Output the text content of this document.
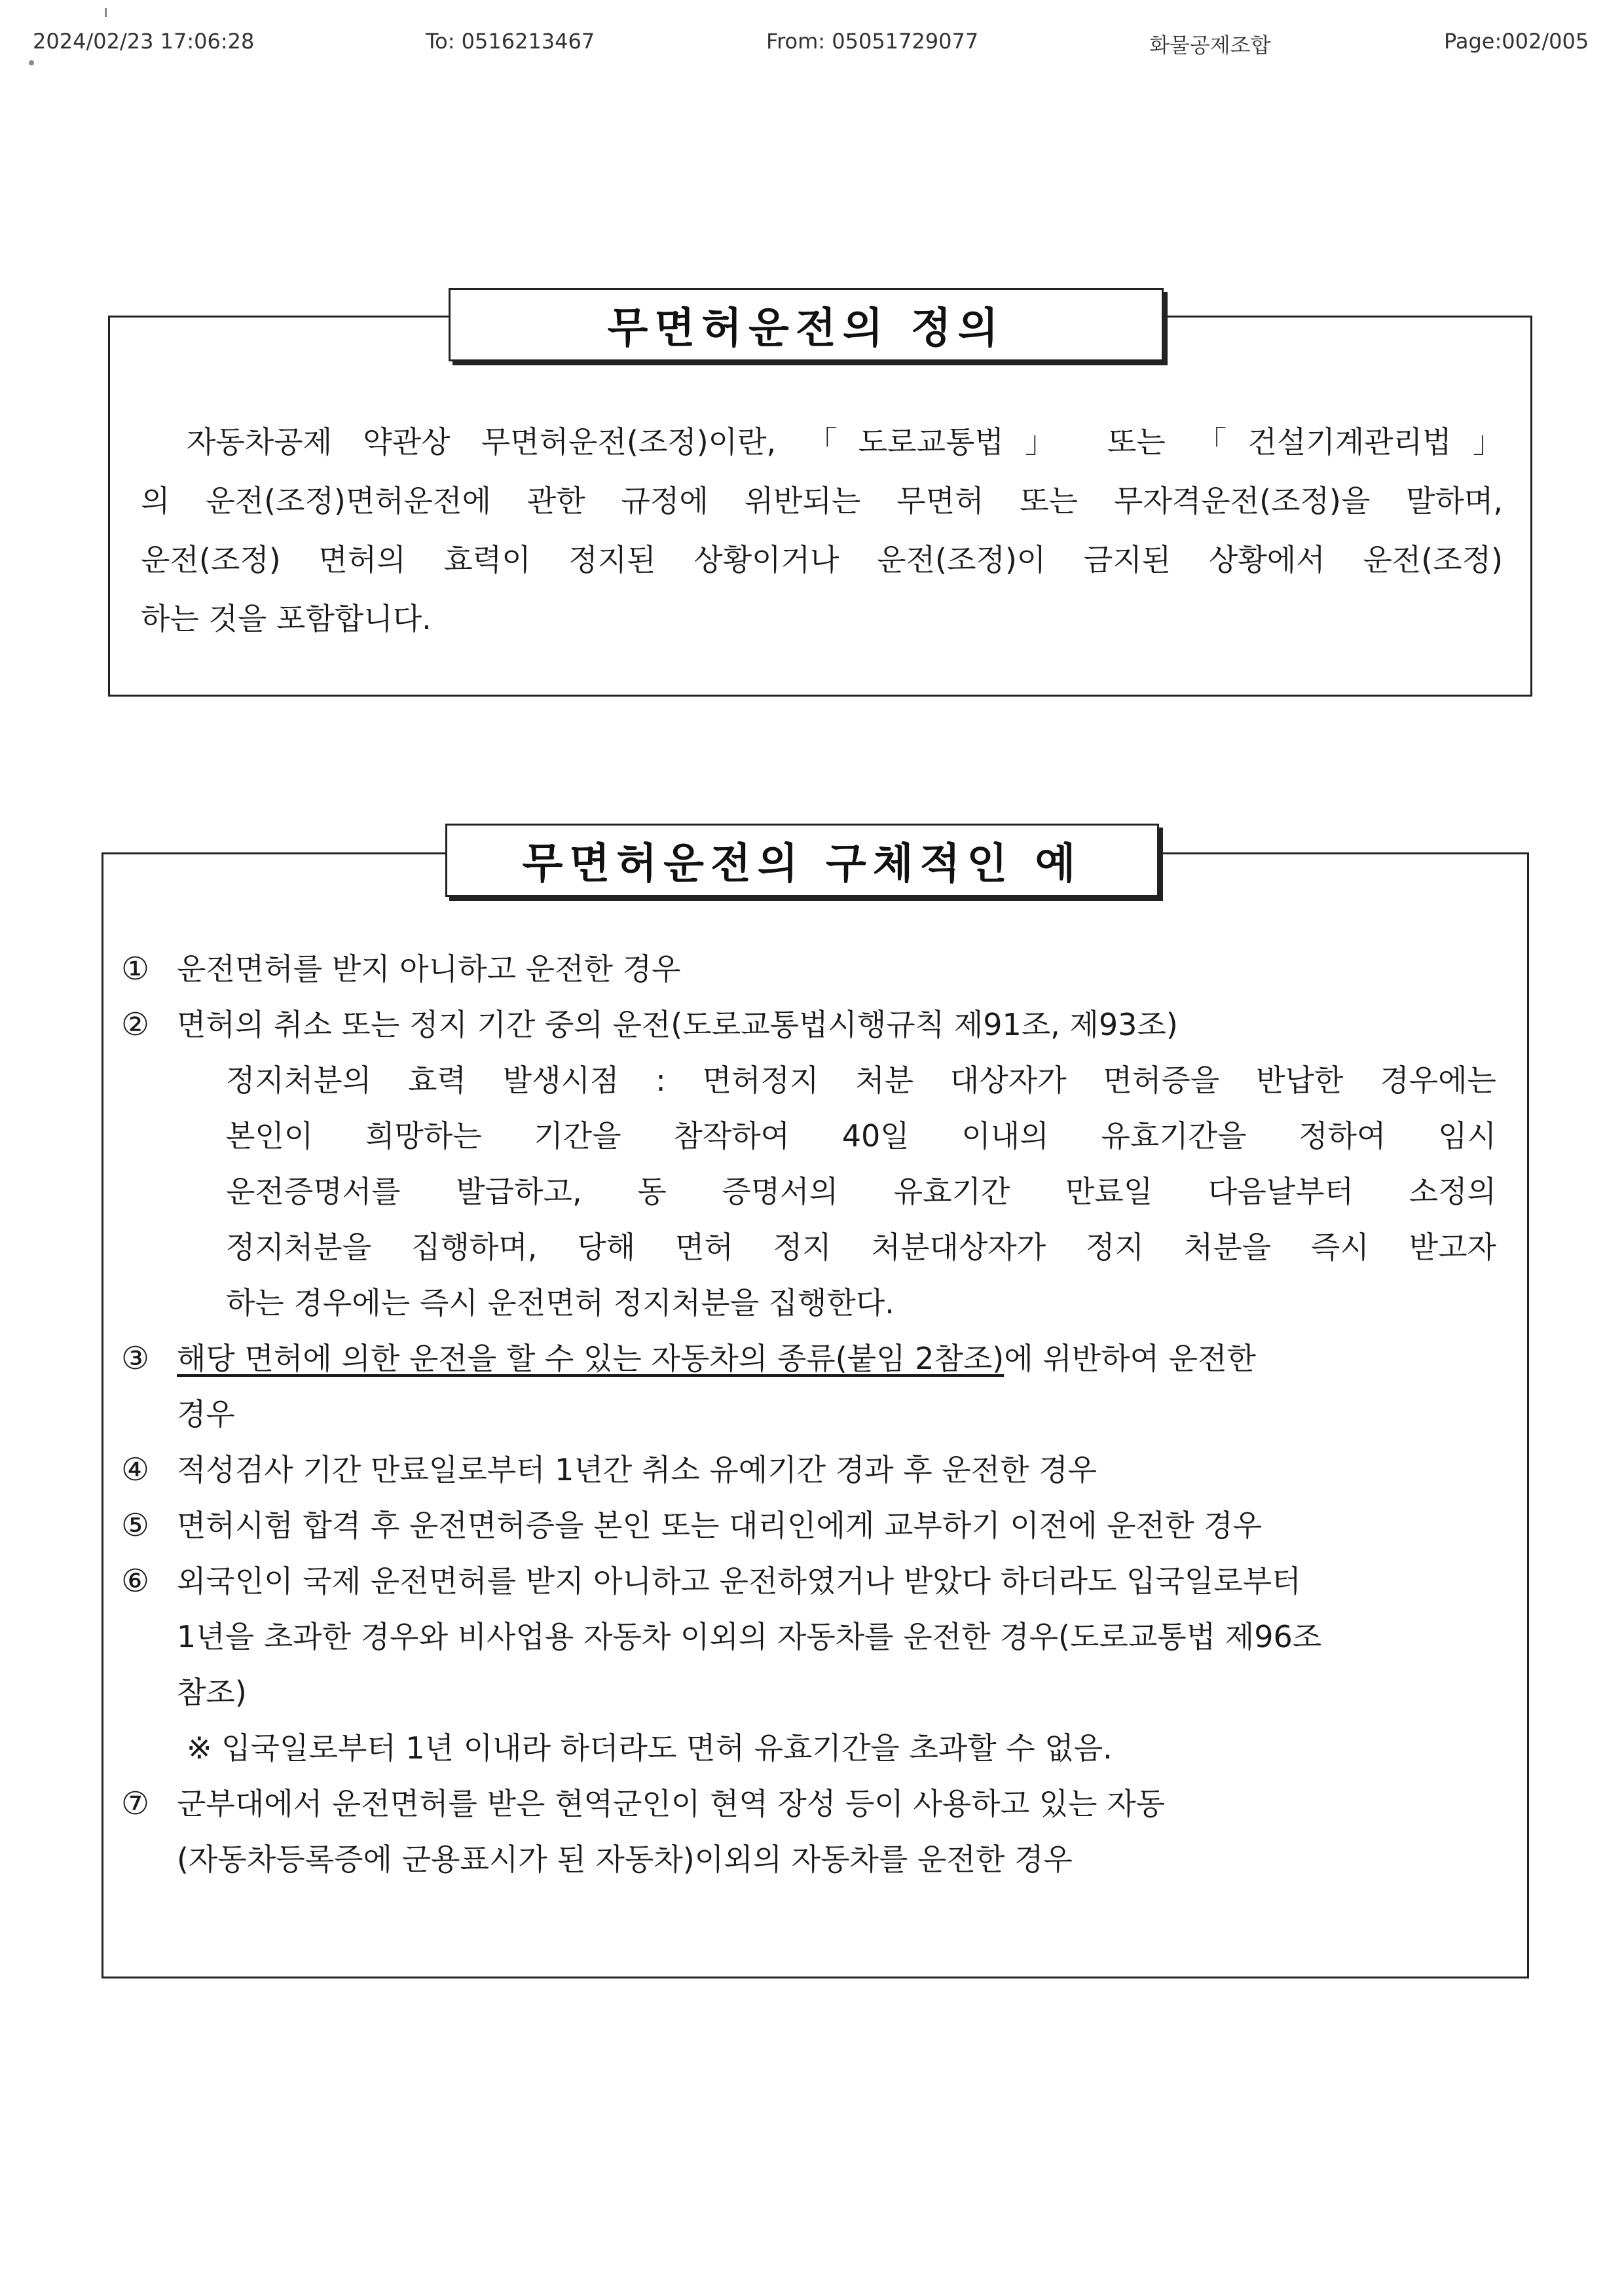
2024/02/23 17:06:28	To: 0516213467	From: 05051729077	화물공제조합	Page:002/005
무면허운전의 정의
자동차공제 약관상 무면허운전(조정)이란, 「도로교통법」 또는 「건설기계관리법」
의 운전(조정)면허운전에 관한 규정에 위반되는 무면허 또는 무자격운전(조정)을 말하며,
운전(조정) 면허의 효력이 정지된 상황이거나 운전(조정)이 금지된 상황에서 운전(조정)
하는 것을 포함합니다.
무면허운전의 구체적인 예
① 운전면허를 받지 아니하고 운전한 경우
② 면허의 취소 또는 정지 기간 중의 운전(도로교통법시행규칙 제91조, 제93조)
정지처분의 효력 발생시점 : 면허정지 처분 대상자가 면허증을 반납한 경우에는
본인이 희망하는 기간을 참작하여 40일 이내의 유효기간을 정하여 임시
운전증명서를 발급하고, 동 증명서의 유효기간 만료일 다음날부터 소정의
정지처분을 집행하며, 당해 면허 정지 처분대상자가 정지 처분을 즉시 받고자
하는 경우에는 즉시 운전면허 정지처분을 집행한다.
③ 해당 면허에 의한 운전을 할 수 있는 자동차의 종류(붙임 2참조)에 위반하여 운전한
경우
④ 적성검사 기간 만료일로부터 1년간 취소 유예기간 경과 후 운전한 경우
⑤ 면허시험 합격 후 운전면허증을 본인 또는 대리인에게 교부하기 이전에 운전한 경우
⑥ 외국인이 국제 운전면허를 받지 아니하고 운전하였거나 받았다 하더라도 입국일로부터
1년을 초과한 경우와 비사업용 자동차 이외의 자동차를 운전한 경우(도로교통법 제96조
참조)
※ 입국일로부터 1년 이내라 하더라도 면허 유효기간을 초과할 수 없음.
⑦ 군부대에서 운전면허를 받은 현역군인이 현역 장성 등이 사용하고 있는 자동
(자동차등록증에 군용표시가 된 자동차)이외의 자동차를 운전한 경우
